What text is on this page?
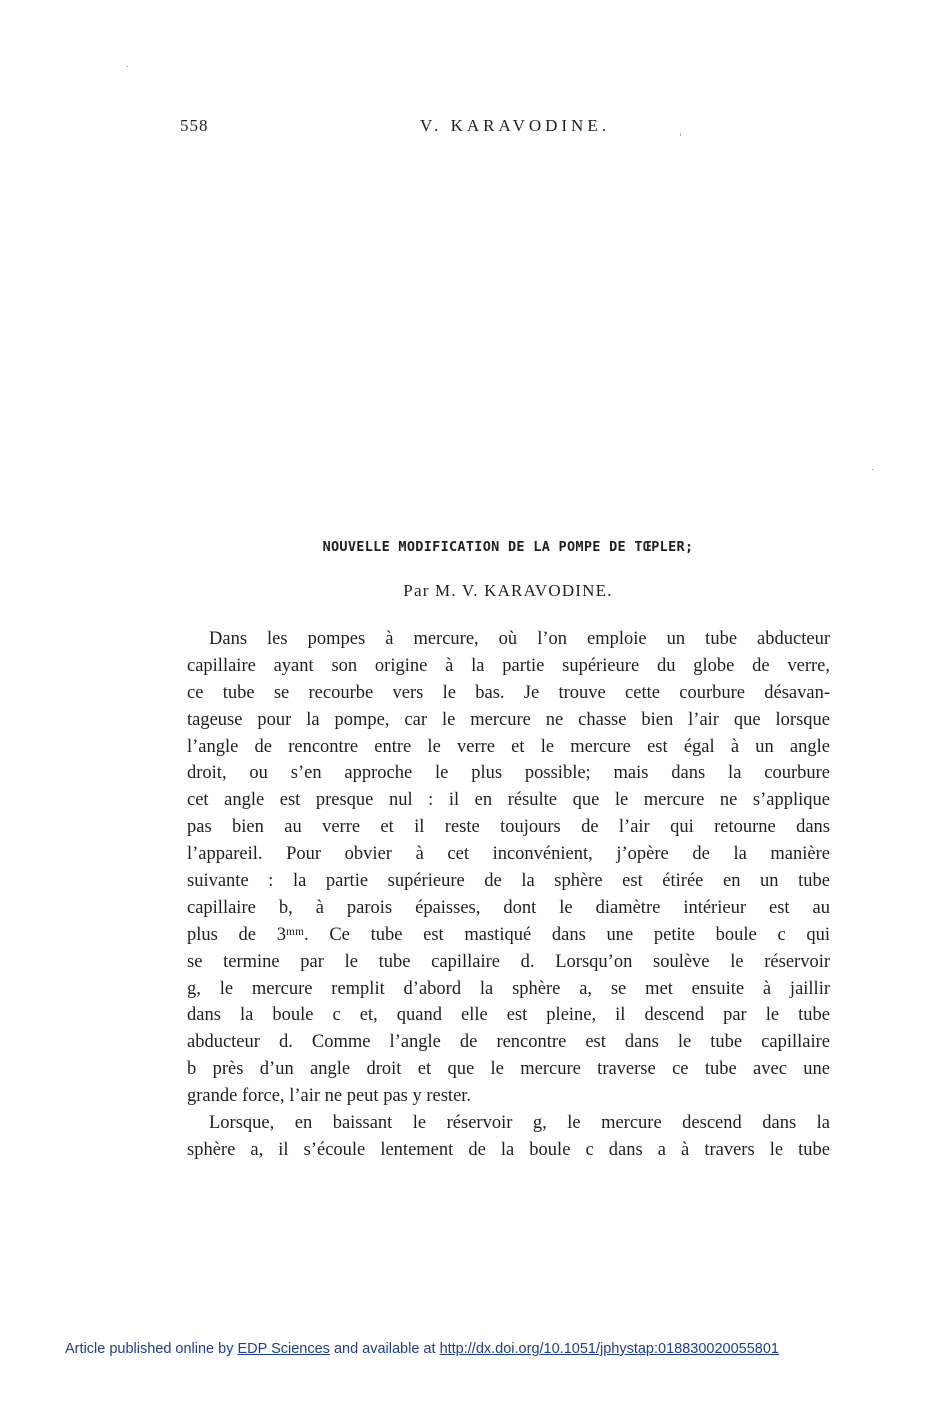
558	V. KARAVODINE.
NOUVELLE MODIFICATION DE LA POMPE DE TŒPLER;
Par M. V. KARAVODINE.
Dans les pompes à mercure, où l’on emploie un tube abducteur
capillaire ayant son origine à la partie supérieure du globe de verre,
ce tube se recourbe vers le bas. Je trouve cette courbure désavan-
tageuse pour la pompe, car le mercure ne chasse bien l’air que lorsque
l’angle de rencontre entre le verre et le mercure est égal à un angle
droit, ou s’en approche le plus possible; mais dans la courbure
cet angle est presque nul : il en résulte que le mercure ne s’applique
pas bien au verre et il reste toujours de l’air qui retourne dans
l’appareil. Pour obvier à cet inconvénient, j’opère de la manière
suivante : la partie supérieure de la sphère est étirée en un tube
capillaire b, à parois épaisses, dont le diamètre intérieur est au
plus de 3ᵐᵐ. Ce tube est mastiqué dans une petite boule c qui
se termine par le tube capillaire d. Lorsqu’on soulève le réservoir
g, le mercure remplit d’abord la sphère a, se met ensuite à jaillir
dans la boule c et, quand elle est pleine, il descend par le tube
abducteur d. Comme l’angle de rencontre est dans le tube capillaire
b près d’un angle droit et que le mercure traverse ce tube avec une
grande force, l’air ne peut pas y rester.
Lorsque, en baissant le réservoir g, le mercure descend dans la
sphère a, il s’écoule lentement de la boule c dans a à travers le tube
Article published online by EDP Sciences and available at http://dx.doi.org/10.1051/jphystap:018830020055801
